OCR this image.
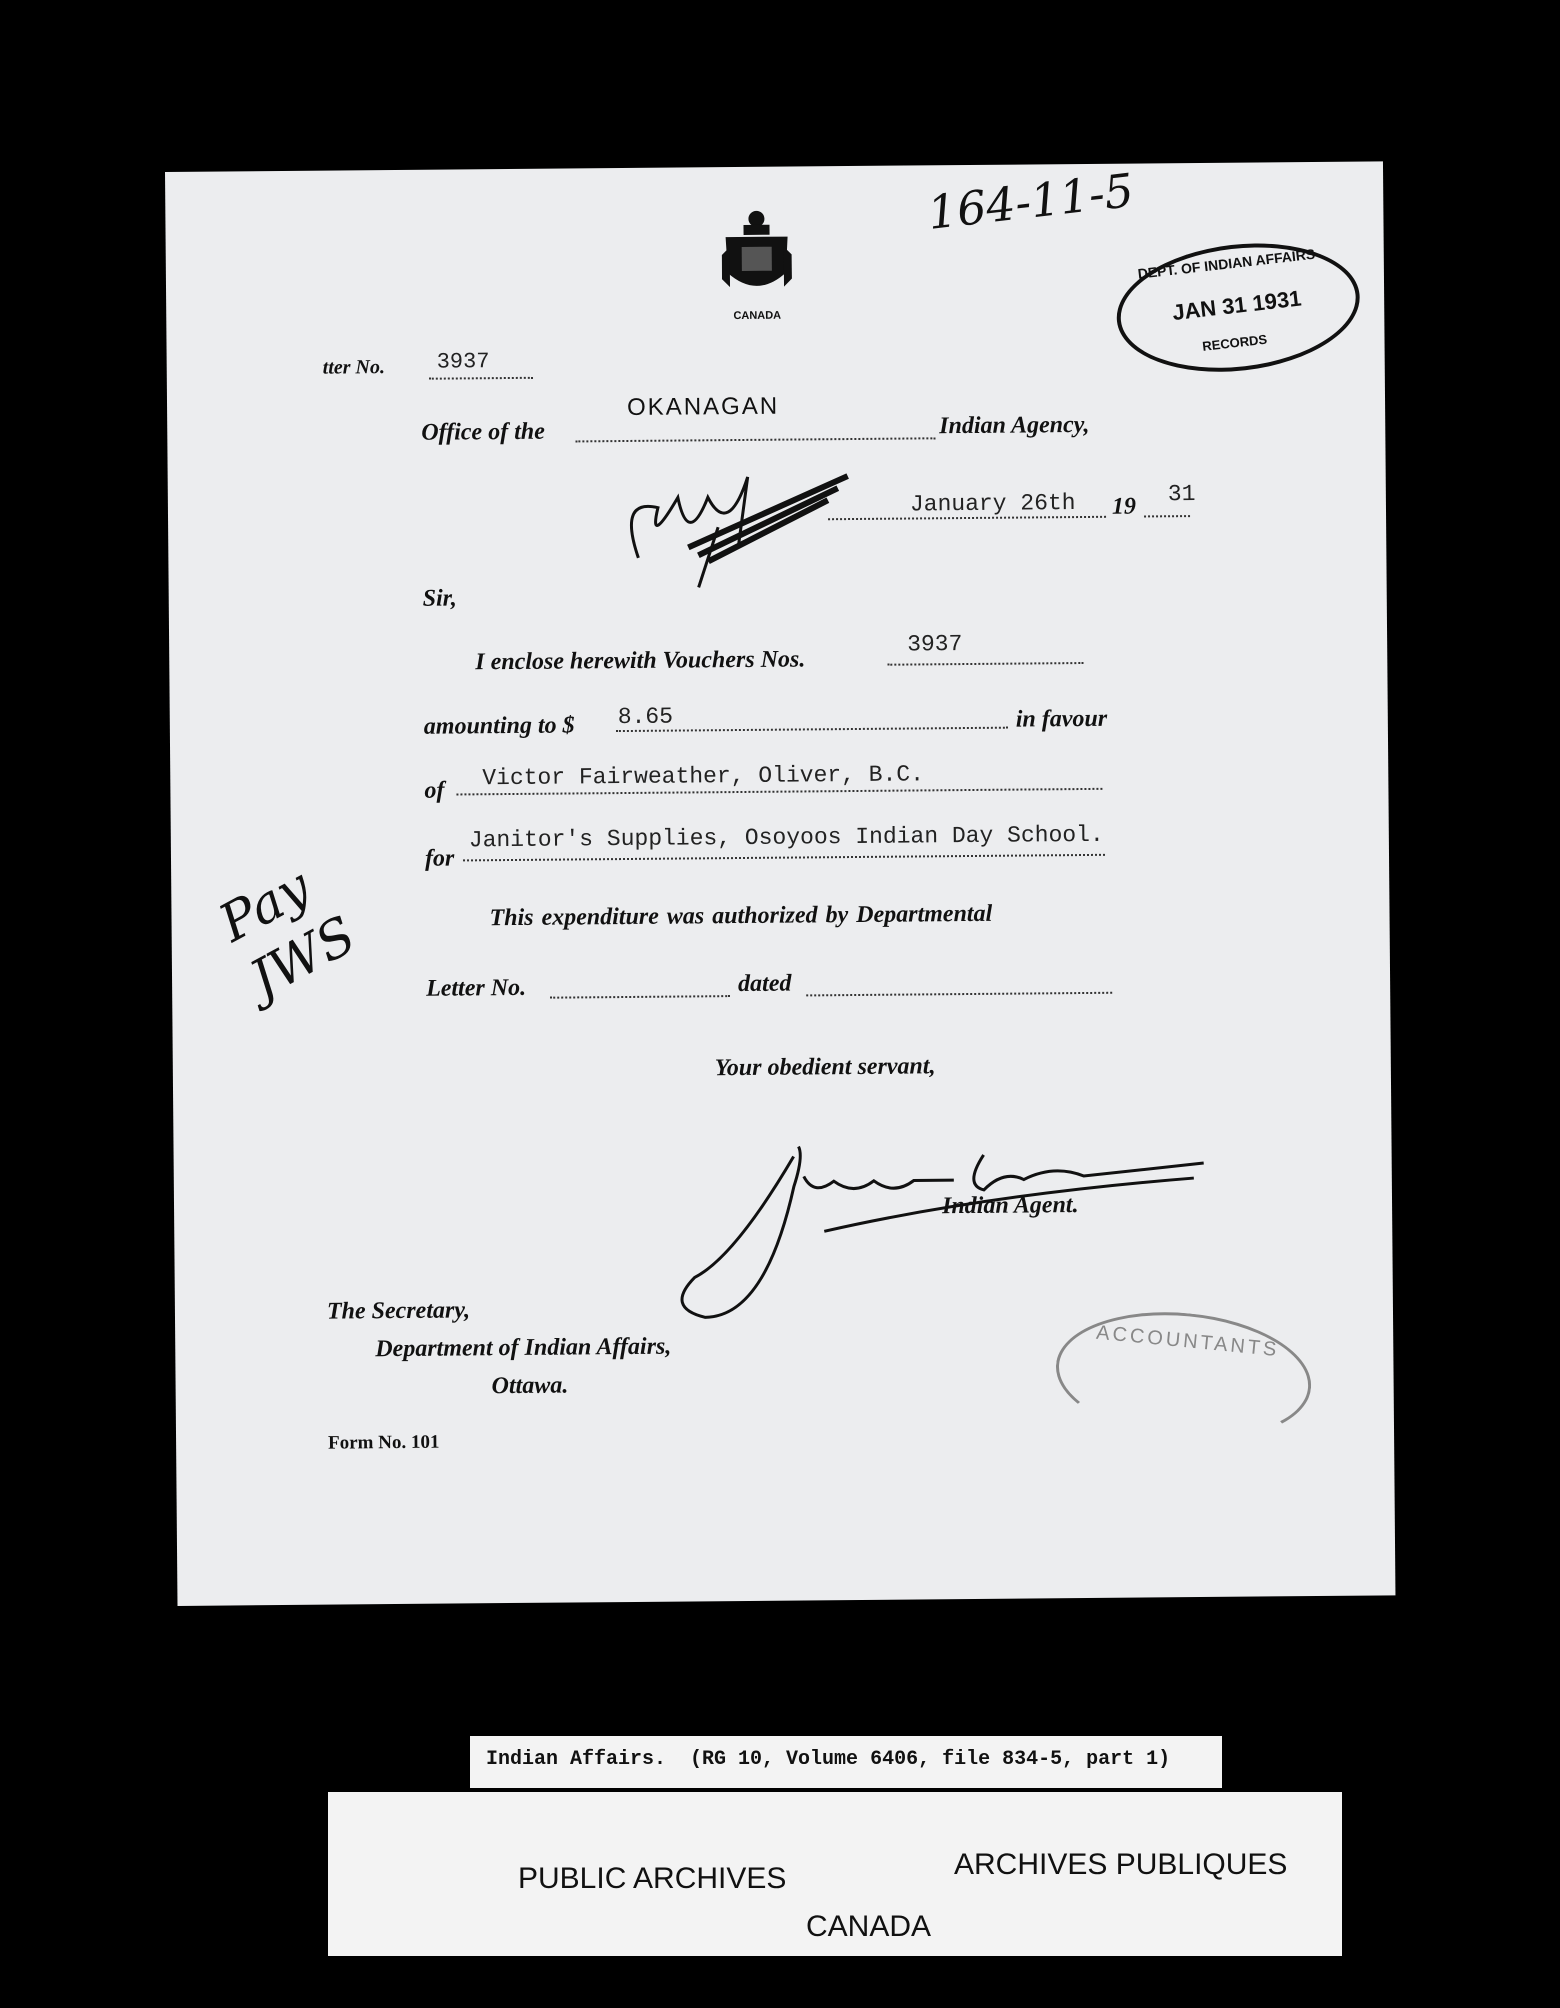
164-11-5
CANADA
DEPT. OF INDIAN AFFAIRS
JAN 31 1931
RECORDS
tter No. 3937
Office of the
OKANAGAN
Indian Agency,
January 26th 19 31
Sir,
I enclose herewith Vouchers Nos.
3937
amounting to $ 8.65	in favour
of Victor Fairweather, Oliver, B.C.
for
Janitor's Supplies, Osoyoos Indian Day School.
This expenditure was authorized by Departmental
Letter No.	dated
Pay JWS
Your obedient servant,
Indian Agent.
The Secretary,
Department of Indian Affairs,
Ottawa.
ACCOUNTANTS
Form No. 101
Indian Affairs.  (RG 10, Volume 6406, file 834-5, part 1)
PUBLIC ARCHIVES	ARCHIVES PUBLIQUES
CANADA
